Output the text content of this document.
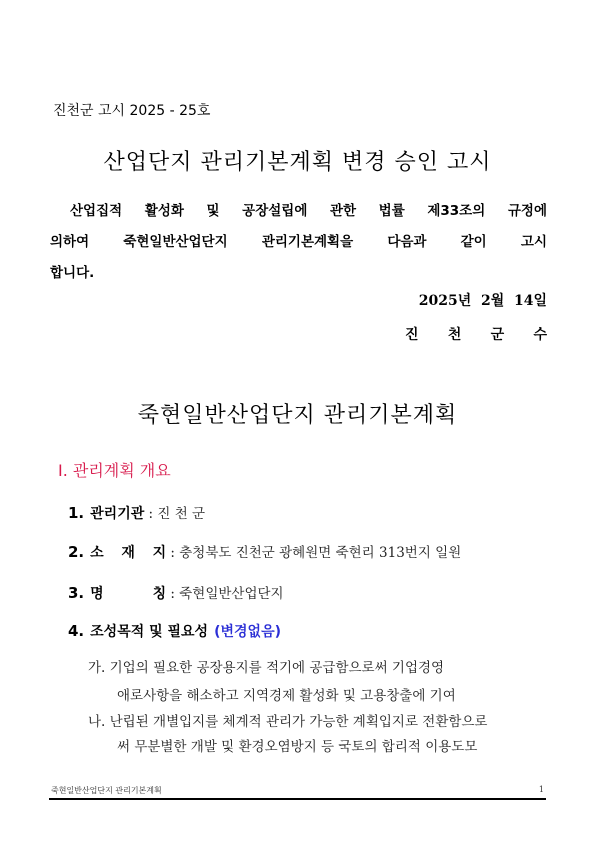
진천군 고시 2025 - 25호
산업단지 관리기본계획 변경 승인 고시
산업집적 활성화 및 공장설립에 관한 법률 제33조의 규정에
의하여 죽현일반산업단지 관리기본계획을 다음과 같이 고시
합니다.
2025년  2월  14일
진 천 군 수
죽현일반산업단지 관리기본계획
Ⅰ. 관리계획 개요
1. 관리기관 : 진 천 군
2. 소 재 지 : 충청북도 진천군 광혜원면 죽현리 313번지 일원
3. 명	칭 : 죽현일반산업단지
4. 조성목적 및 필요성 (변경없음)
가. 기업의 필요한 공장용지를 적기에 공급함으로써 기업경영
애로사항을 해소하고 지역경제 활성화 및 고용창출에 기여
나. 난립된 개별입지를 체계적 관리가 가능한 계획입지로 전환함으로
써 무분별한 개발 및 환경오염방지 등 국토의 합리적 이용도모
죽현일반산업단지 관리기본계획	1
